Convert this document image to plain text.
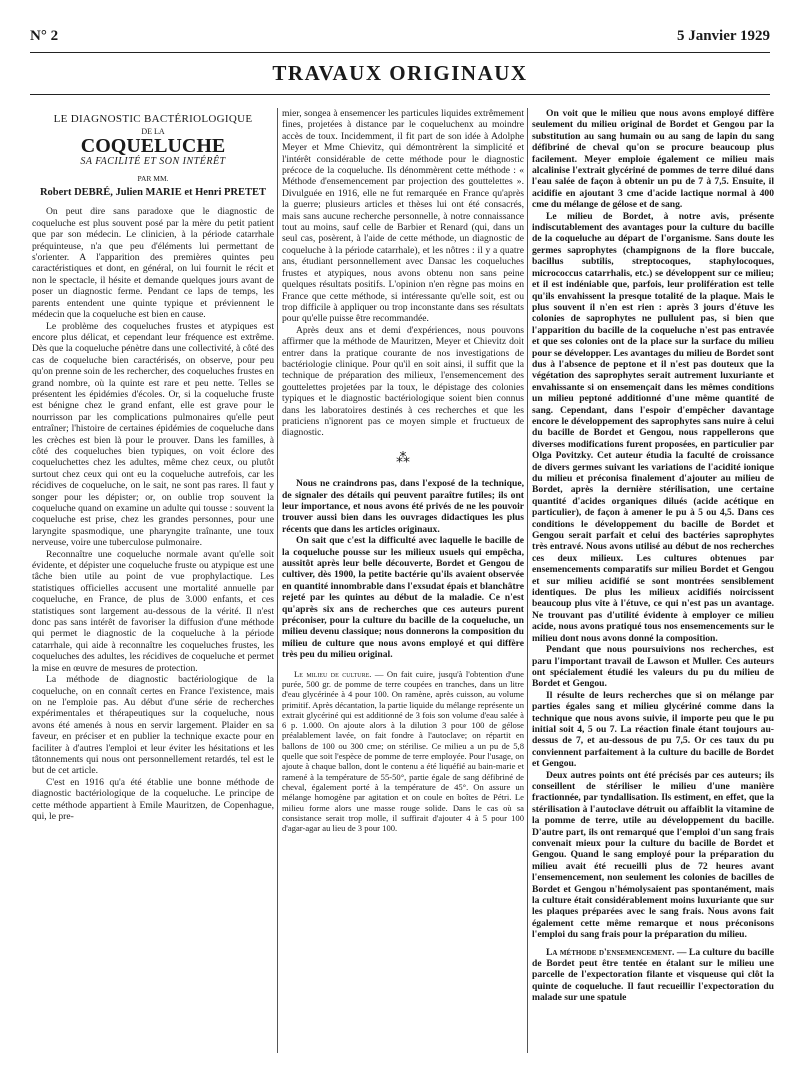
N° 2	5 Janvier 1929
TRAVAUX ORIGINAUX
LE DIAGNOSTIC BACTÉRIOLOGIQUE
DE LA
COQUELUCHE
SA FACILITÉ ET SON INTÉRÊT
PAR MM.
Robert DEBRÉ, Julien MARIE et Henri PRETET

On peut dire sans paradoxe que le diagnostic de coqueluche est plus souvent posé par la mère du petit patient que par son médecin. Le clinicien, à la période catarrhale préquinteuse, n'a que peu d'éléments lui permettant de s'orienter. A l'apparition des premières quintes peu caractéristiques et dont, en général, on lui fournit le récit et non le spectacle, il hésite et demande quelques jours avant de poser un diagnostic ferme. Pendant ce laps de temps, les parents entendent une quinte typique et préviennent le médecin que la coqueluche est bien en cause.

Le problème des coqueluches frustes et atypiques est encore plus délicat, et cependant leur fréquence est extrême. Dès que la coqueluche pénètre dans une collectivité, à côté des cas de coqueluche bien caractérisés, on observe, pour peu qu'on prenne soin de les rechercher, des coqueluches frustes en grand nombre, où la quinte est rare et peu nette. Telles se présentent les épidémies d'écoles. Or, si la coqueluche fruste est bénigne chez le grand enfant, elle est grave pour le nourrisson par les complications pulmonaires qu'elle peut entraîner; l'histoire de certaines épidémies de coqueluche dans les crèches est bien là pour le prouver. Dans les familles, à côté des coqueluches bien typiques, on voit éclore des coqueluchettes chez les adultes, même chez ceux, ou plutôt surtout chez ceux qui ont eu la coqueluche autrefois, car les récidives de coqueluche, on le sait, ne sont pas rares. Il faut y songer pour les dépister; or, on oublie trop souvent la coqueluche quand on examine un adulte qui tousse : souvent la coqueluche est prise, chez les grandes personnes, pour une laryngite spasmodique, une pharyngite traînante, une toux nerveuse, voire une tuberculose pulmonaire.

Reconnaître une coqueluche normale avant qu'elle soit évidente, et dépister une coqueluche fruste ou atypique est une tâche bien utile au point de vue prophylactique. Les statistiques officielles accusent une mortalité annuelle par coqueluche, en France, de plus de 3.000 enfants, et ces statistiques sont largement au-dessous de la vérité. Il n'est donc pas sans intérêt de favoriser la diffusion d'une méthode qui permet le diagnostic de la coqueluche à la période catarrhale, qui aide à reconnaître les coqueluches frustes, les coqueluches des adultes, les récidives de coqueluche et permet la mise en œuvre de mesures de protection.

La méthode de diagnostic bactériologique de la coqueluche, on en connaît certes en France l'existence, mais on ne l'emploie pas. Au début d'une série de recherches expérimentales et thérapeutiques sur la coqueluche, nous avons été amenés à nous en servir largement. Plaider en sa faveur, en préciser et en publier la technique exacte pour en faciliter à d'autres l'emploi et leur éviter les hésitations et les tâtonnements qui nous ont personnellement retardés, tel est le but de cet article.

C'est en 1916 qu'a été établie une bonne méthode de diagnostic bactériologique de la coqueluche. Le principe de cette méthode appartient à Emile Mauritzen, de Copenhague, qui, le pre-

mier, songea à ensemencer les particules liquides extrêmement fines, projetées à distance par le coqueluchenx au moindre accès de toux. Incidemment, il fit part de son idée à Adolphe Meyer et Mme Chievitz, qui démontrèrent la simplicité et l'intérêt considérable de cette méthode pour le diagnostic précoce de la coqueluche. Ils dénommèrent cette méthode : « Méthode d'ensemencement par projection des gouttelettes ». Divulguée en 1916, elle ne fut remarquée en France qu'après la guerre; plusieurs articles et thèses lui ont été consacrés, mais sans aucune recherche personnelle, à notre connaissance tout au moins, sauf celle de Barbier et Renard (qui, dans un seul cas, posèrent, à l'aide de cette méthode, un diagnostic de coqueluche à la période catarrhale), et les nôtres : il y a quatre ans, étudiant personnellement avec Dansac les coqueluches frustes et atypiques, nous avons obtenu non sans peine quelques résultats positifs. L'opinion n'en règne pas moins en France que cette méthode, si intéressante qu'elle soit, est ou trop difficile à appliquer ou trop inconstante dans ses résultats pour qu'elle puisse être recommandée.

Après deux ans et demi d'expériences, nous pouvons affirmer que la méthode de Mauritzen, Meyer et Chievitz doit entrer dans la pratique courante de nos investigations de bactériologie clinique. Pour qu'il en soit ainsi, il suffit que la technique de préparation des milieux, l'ensemencement des gouttelettes projetées par la toux, le dépistage des colonies typiques et le diagnostic bactériologique soient bien connus dans les laboratoires destinés à ces recherches et que les praticiens n'ignorent pas ce moyen simple et fructueux de diagnostic.

⁂

Nous ne craindrons pas, dans l'exposé de la technique, de signaler des détails qui peuvent paraître futiles; ils ont leur importance, et nous avons été privés de ne les pouvoir trouver aussi bien dans les ouvrages didactiques les plus récents que dans les articles originaux.

On sait que c'est la difficulté avec laquelle le bacille de la coqueluche pousse sur les milieux usuels qui empêcha, aussitôt après leur belle découverte, Bordet et Gengou de cultiver, dès 1900, la petite bactérie qu'ils avaient observée en quantité innombrable dans l'exsudat épais et blanchâtre rejeté par les quintes au début de la maladie. Ce n'est qu'après six ans de recherches que ces auteurs purent préconiser, pour la culture du bacille de la coqueluche, un milieu devenu classique; nous donnerons la composition du milieu de culture que nous avons employé et qui diffère très peu du milieu original.

Le milieu de culture. — On fait cuire, jusqu'à l'obtention d'une purée, 500 gr. de pomme de terre coupées en tranches, dans un litre d'eau glycérinée à 4 pour 100. On ramène, après cuisson, au volume primitif. Après décantation, la partie liquide du mélange représente un extrait glycériné qui est additionné de 3 fois son volume d'eau salée à 6 p. 1.000. On ajoute alors à la dilution 3 pour 100 de gélose préalablement lavée, on fait fondre à l'autoclave; on répartit en ballons de 100 ou 300 cme; on stérilise. Ce milieu a un pu de 5,8 quelle que soit l'espèce de pomme de terre employée. Pour l'usage, on ajoute à chaque ballon, dont le contenu a été liquéfié au bain-marie et ramené à la température de 55-50°, partie égale de sang défibriné de cheval, également porté à la température de 45°. On assure un mélange homogène par agitation et on coule en boîtes de Pétri. Le milieu forme alors une masse rouge solide. Dans le cas où sa consistance serait trop molle, il suffirait d'ajouter 4 à 5 pour 100 d'agar-agar au lieu de 3 pour 100.

On voit que le milieu que nous avons employé diffère seulement du milieu original de Bordet et Gengou par la substitution au sang humain ou au sang de lapin du sang défibriné de cheval qu'on se procure beaucoup plus facilement. Meyer emploie également ce milieu mais alcalinise l'extrait glycériné de pommes de terre dilué dans l'eau salée de façon à obtenir un pu de 7 à 7,5. Ensuite, il acidifie en ajoutant 3 cme d'acide lactique normal à 400 cme du mélange de gélose et de sang.

Le milieu de Bordet, à notre avis, présente indiscutablement des avantages pour la culture du bacille de la coqueluche au départ de l'organisme. Sans doute les germes saprophytes (champignons de la flore buccale, bacillus subtilis, streptocoques, staphylocoques, micrococcus catarrhalis, etc.) se développent sur ce milieu; et il est indéniable que, parfois, leur prolifération est telle qu'ils envahissent la presque totalité de la plaque. Mais le plus souvent il n'en est rien : après 3 jours d'étuve les colonies de saprophytes ne pullulent pas, si bien que l'apparition du bacille de la coqueluche n'est pas entravée et que ses colonies ont de la place sur la surface du milieu pour se développer. Les avantages du milieu de Bordet sont dus à l'absence de peptone et il n'est pas douteux que la végétation des saprophytes serait autrement luxuriante et envahissante si on ensemençait dans les mêmes conditions un milieu peptoné additionné d'une même quantité de sang. Cependant, dans l'espoir d'empêcher davantage encore le développement des saprophytes sans nuire à celui du bacille de Bordet et Gengou, nous rappellerons que diverses modifications furent proposées, en particulier par Olga Povitzky. Cet auteur étudia la faculté de croissance de divers germes suivant les variations de l'acidité ionique du milieu et préconisa finalement d'ajouter au milieu de Bordet, après la dernière stérilisation, une certaine quantité d'acides organiques dilués (acide acétique en particulier), de façon à amener le pu à 5 ou 4,5. Dans ces conditions le développement du bacille de Bordet et Gengou serait parfait et celui des bactéries saprophytes très entravé. Nous avons utilisé au début de nos recherches ces deux milieux. Les cultures obtenues par ensemencements comparatifs sur milieu Bordet et Gengou et sur milieu acidifié se sont montrées sensiblement identiques. De plus les milieux acidifiés noircissent beaucoup plus vite à l'étuve, ce qui n'est pas un avantage. Ne trouvant pas d'utilité évidente à employer ce milieu acide, nous avons pratiqué tous nos ensemencements sur le milieu dont nous avons donné la composition.

Pendant que nous poursuivions nos recherches, est paru l'important travail de Lawson et Muller. Ces auteurs ont spécialement étudié les valeurs du pu du milieu de Bordet et Gengou.

Il résulte de leurs recherches que si on mélange par parties égales sang et milieu glycériné comme dans la technique que nous avons suivie, il importe peu que le pu initial soit 4, 5 ou 7. La réaction finale étant toujours au-dessus de 7, et au-dessous de pu 7,5. Or ces taux du pu conviennent parfaitement à la culture du bacille de Bordet et Gengou.

Deux autres points ont été précisés par ces auteurs; ils conseillent de stériliser le milieu d'une manière fractionnée, par tyndallisation. Ils estiment, en effet, que la stérilisation à l'autoclave détruit ou affaiblit la vitamine de la pomme de terre, utile au développement du bacille. D'autre part, ils ont remarqué que l'emploi d'un sang frais convenait mieux pour la culture du bacille de Bordet et Gengou. Quand le sang employé pour la préparation du milieu avait été recueilli plus de 72 heures avant l'ensemencement, non seulement les colonies de bacilles de Bordet et Gengou n'hémolysaient pas spontanément, mais la culture était considérablement moins luxuriante que sur les plaques préparées avec le sang frais. Nous avons fait également cette même remarque et nous préconisons l'emploi du sang frais pour la préparation du milieu.

La méthode d'ensemencement. — La culture du bacille de Bordet peut être tentée en étalant sur le milieu une parcelle de l'expectoration filante et visqueuse qui clôt la quinte de coqueluche. Il faut recueillir l'expectoration du malade sur une spatule
